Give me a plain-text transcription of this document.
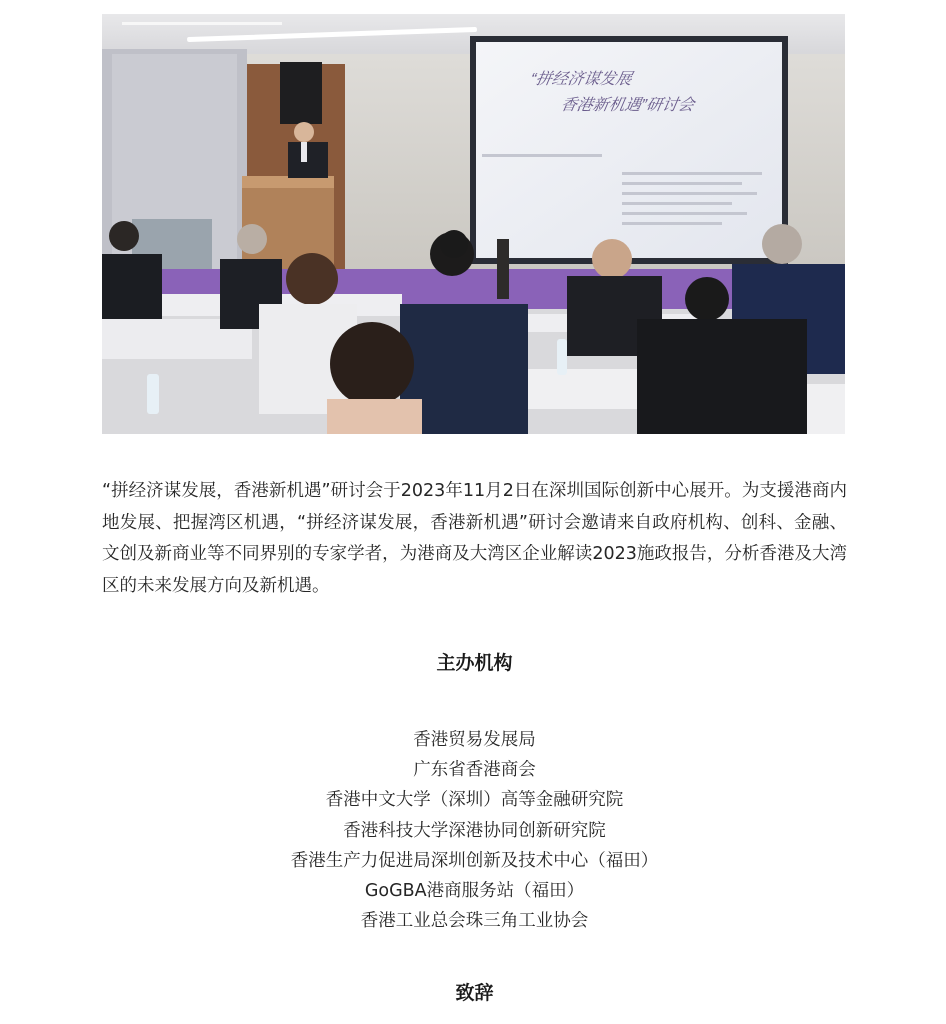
“拼经济谋发展
香港新机遇”研讨会

“拼经济谋发展，香港新机遇”研讨会于2023年11月2日在深圳国际创新中心展开。为支援港商内地发展、把握湾区机遇，“拼经济谋发展，香港新机遇”研讨会邀请来自政府机构、创科、金融、文创及新商业等不同界别的专家学者，为港商及大湾区企业解读2023施政报告，分析香港及大湾区的未来发展方向及新机遇。

主办机构
香港贸易发展局
广东省香港商会
香港中文大学（深圳）高等金融研究院
香港科技大学深港协同创新研究院
香港生产力促进局深圳创新及技术中心（福田）
GoGBA港商服务站（福田）
香港工业总会珠三角工业协会
致辞
